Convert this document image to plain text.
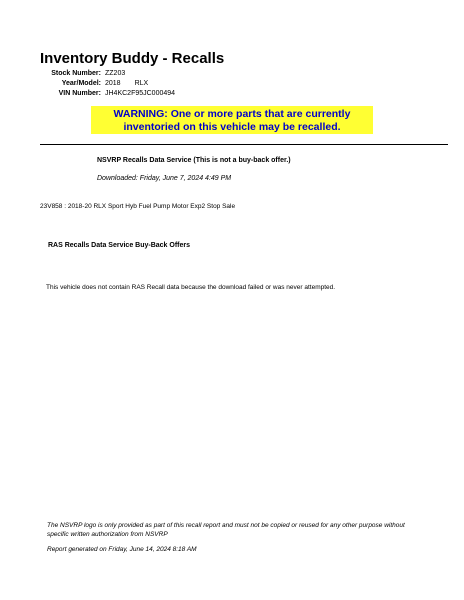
Inventory Buddy - Recalls
Stock Number: ZZ203
Year/Model: 2018 RLX
VIN Number: JH4KC2F95JC000494
WARNING: One or more parts that are currently
inventoried on this vehicle may be recalled.
NSVRP Recalls Data Service (This is not a buy-back offer.)
Downloaded: Friday, June 7, 2024 4:49 PM
23V858 : 2018-20 RLX Sport Hyb Fuel Pump Motor Exp2 Stop Sale
RAS Recalls Data Service Buy-Back Offers
This vehicle does not contain RAS Recall data because the download failed or was never attempted.
The NSVRP logo is only provided as part of this recall report and must not be copied or reused for any other purpose without specific written authorization from NSVRP
Report generated on Friday, June 14, 2024 8:18 AM
